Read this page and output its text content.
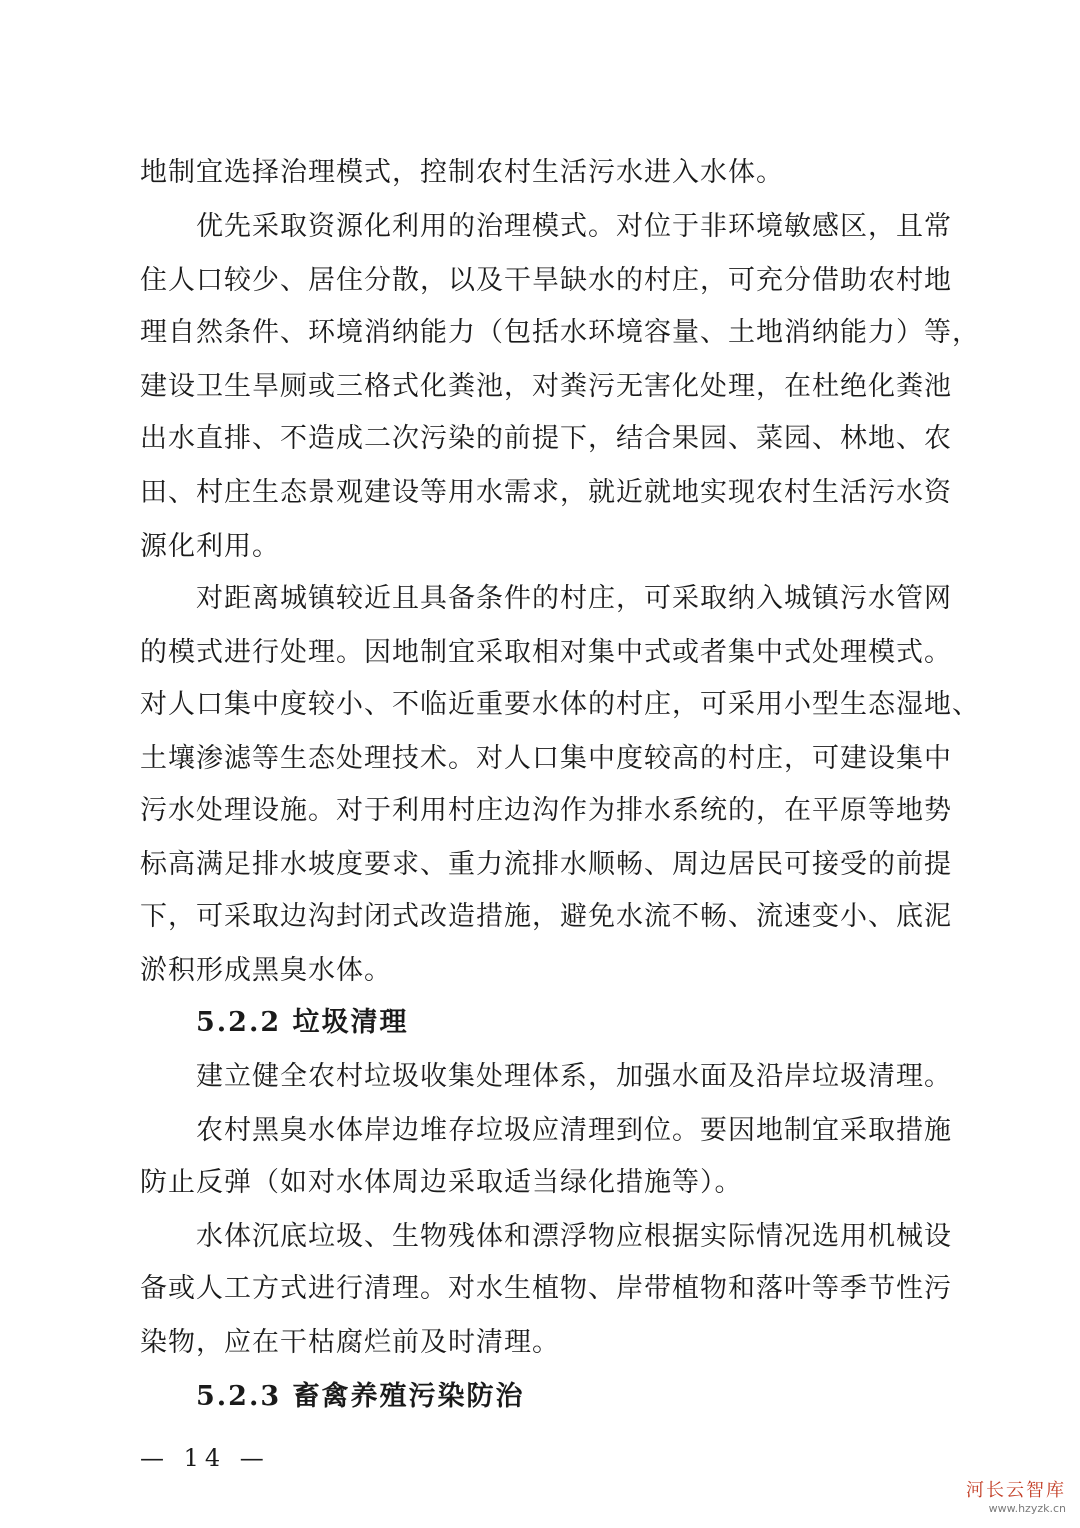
地制宜选择治理模式，控制农村生活污水进入水体。
优先采取资源化利用的治理模式。对位于非环境敏感区，且常
住人口较少、居住分散，以及干旱缺水的村庄，可充分借助农村地
理自然条件、环境消纳能力（包括水环境容量、土地消纳能力）等，
建设卫生旱厕或三格式化粪池，对粪污无害化处理，在杜绝化粪池
出水直排、不造成二次污染的前提下，结合果园、菜园、林地、农
田、村庄生态景观建设等用水需求，就近就地实现农村生活污水资
源化利用。
对距离城镇较近且具备条件的村庄，可采取纳入城镇污水管网
的模式进行处理。因地制宜采取相对集中式或者集中式处理模式。
对人口集中度较小、不临近重要水体的村庄，可采用小型生态湿地、
土壤渗滤等生态处理技术。对人口集中度较高的村庄，可建设集中
污水处理设施。对于利用村庄边沟作为排水系统的，在平原等地势
标高满足排水坡度要求、重力流排水顺畅、周边居民可接受的前提
下，可采取边沟封闭式改造措施，避免水流不畅、流速变小、底泥
淤积形成黑臭水体。
5.2.2 垃圾清理
建立健全农村垃圾收集处理体系，加强水面及沿岸垃圾清理。
农村黑臭水体岸边堆存垃圾应清理到位。要因地制宜采取措施
防止反弹（如对水体周边采取适当绿化措施等）。
水体沉底垃圾、生物残体和漂浮物应根据实际情况选用机械设
备或人工方式进行清理。对水生植物、岸带植物和落叶等季节性污
染物，应在干枯腐烂前及时清理。
5.2.3 畜禽养殖污染防治
— 14 —
河长云智库
www.hzyzk.cn
